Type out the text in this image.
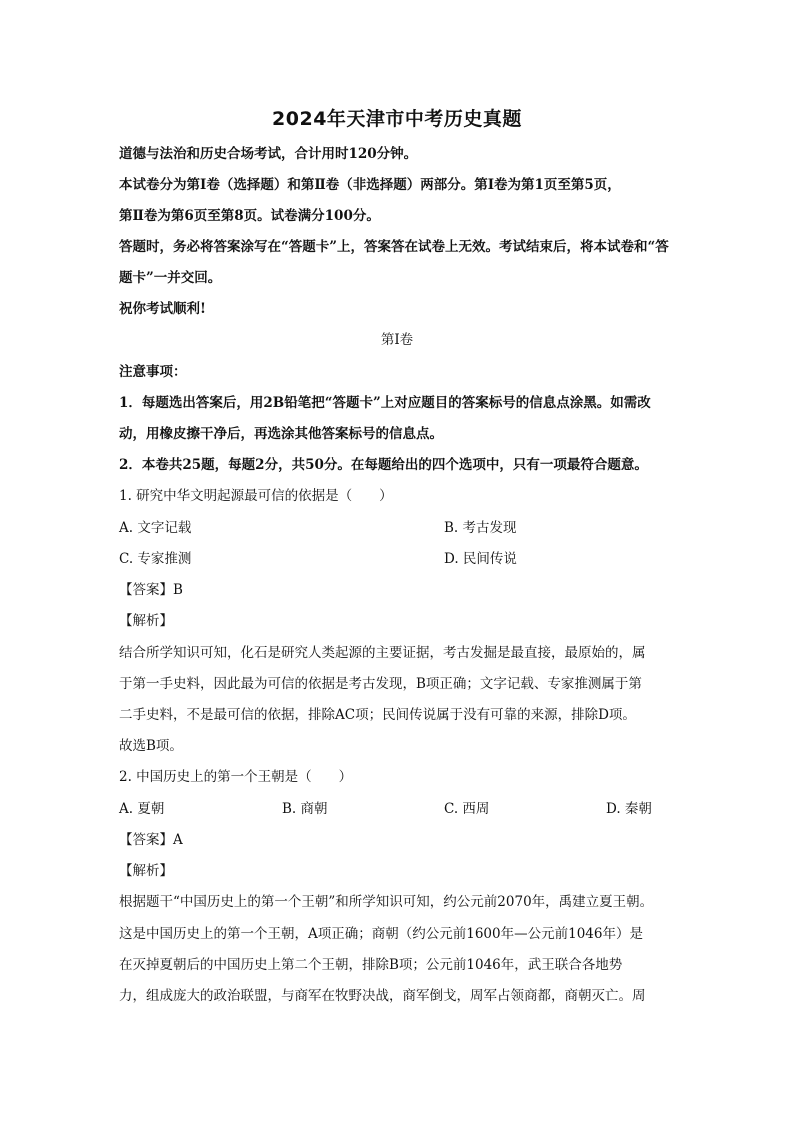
2024年天津市中考历史真题
道德与法治和历史合场考试，合计用时120分钟。
本试卷分为第Ⅰ卷（选择题）和第Ⅱ卷（非选择题）两部分。第Ⅰ卷为第1页至第5页，
第Ⅱ卷为第6页至第8页。试卷满分100分。
答题时，务必将答案涂写在“答题卡”上，答案答在试卷上无效。考试结束后，将本试卷和“答
题卡”一并交回。
祝你考试顺利!
第Ⅰ卷
注意事项：
1．每题选出答案后，用2B铅笔把“答题卡”上对应题目的答案标号的信息点涂黑。如需改
动，用橡皮擦干净后，再选涂其他答案标号的信息点。
2．本卷共25题，每题2分，共50分。在每题给出的四个选项中，只有一项最符合题意。
1. 研究中华文明起源最可信的依据是（　　）
A. 文字记载	B. 考古发现
C. 专家推测	D. 民间传说
【答案】B
【解析】
结合所学知识可知，化石是研究人类起源的主要证据，考古发掘是最直接，最原始的，属
于第一手史料，因此最为可信的依据是考古发现，B项正确；文字记载、专家推测属于第
二手史料，不是最可信的依据，排除AC项；民间传说属于没有可靠的来源，排除D项。
故选B项。
2. 中国历史上的第一个王朝是（　　）
A. 夏朝	B. 商朝	C. 西周	D. 秦朝
【答案】A
【解析】
根据题干“中国历史上的第一个王朝”和所学知识可知，约公元前2070年，禹建立夏王朝。
这是中国历史上的第一个王朝，A项正确；商朝（约公元前1600年—公元前1046年）是
在灭掉夏朝后的中国历史上第二个王朝，排除B项；公元前1046年，武王联合各地势
力，组成庞大的政治联盟，与商军在牧野决战，商军倒戈，周军占领商都，商朝灭亡。周
